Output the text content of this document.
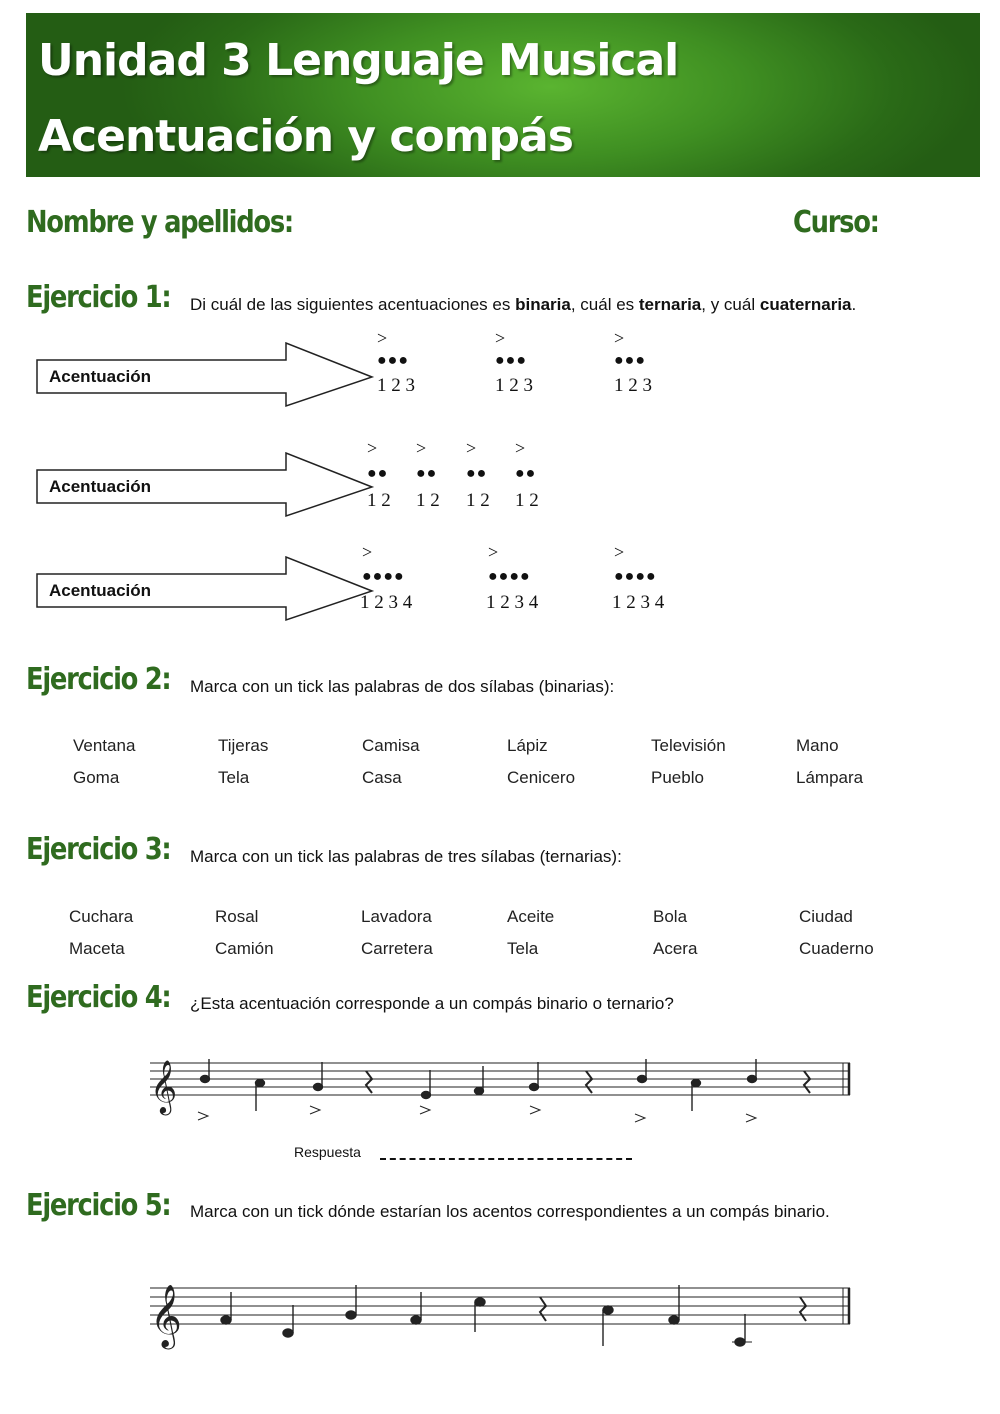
Unidad 3 Lenguaje Musical
Acentuación y compás
Nombre y apellidos:	Curso:
Ejercicio 1: Di cuál de las siguientes acentuaciones es binaria, cuál es ternaria, y cuál cuaternaria.
Acentuación
>
●●●
1 2 3
>
●●●
1 2 3
>
●●●
1 2 3
Acentuación
>
●●
1 2
>
●●
1 2
>
●●
1 2
>
●●
1 2
Acentuación
>
●●●●
1 2 3 4
>
●●●●
1 2 3 4
>
●●●●
1 2 3 4
Ejercicio 2: Marca con un tick las palabras de dos sílabas (binarias):
Ventana	Tijeras	Camisa	Lápiz	Televisión	Mano
Goma	Tela	Casa	Cenicero	Pueblo	Lámpara
Ejercicio 3: Marca con un tick las palabras de tres sílabas (ternarias):
Cuchara	Rosal	Lavadora	Aceite	Bola	Ciudad
Maceta	Camión	Carretera	Tela	Acera	Cuaderno
Ejercicio 4: ¿Esta acentuación corresponde a un compás binario o ternario?
𝄞
Respuesta
Ejercicio 5: Marca con un tick dónde estarían los acentos correspondientes a un compás binario.
𝄞
